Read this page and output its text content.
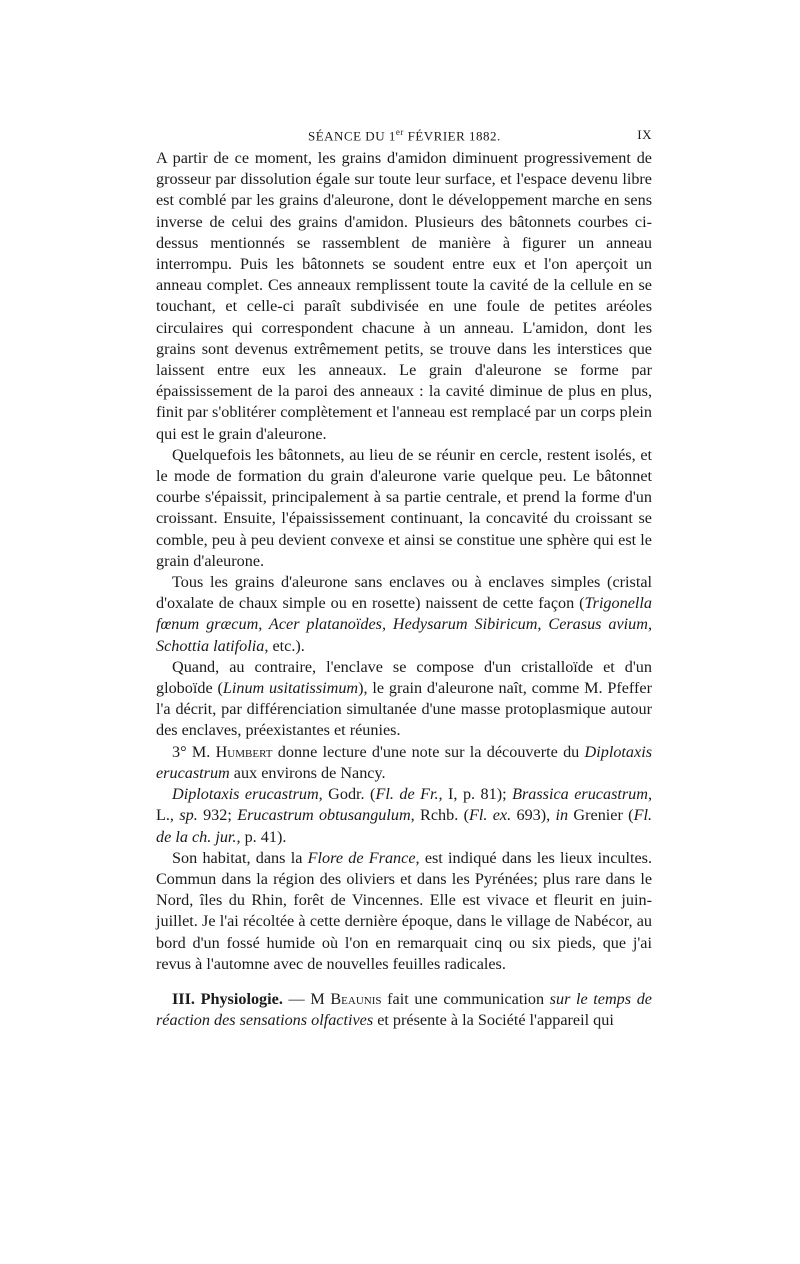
SÉANCE DU 1er FÉVRIER 1882.	IX

A partir de ce moment, les grains d'amidon diminuent progressivement de grosseur par dissolution égale sur toute leur surface, et l'espace devenu libre est comblé par les grains d'aleurone, dont le développement marche en sens inverse de celui des grains d'amidon. Plusieurs des bâtonnets courbes ci-dessus mentionnés se rassemblent de manière à figurer un anneau interrompu. Puis les bâtonnets se soudent entre eux et l'on aperçoit un anneau complet. Ces anneaux remplissent toute la cavité de la cellule en se touchant, et celle-ci paraît subdivisée en une foule de petites aréoles circulaires qui correspondent chacune à un anneau. L'amidon, dont les grains sont devenus extrêmement petits, se trouve dans les interstices que laissent entre eux les anneaux. Le grain d'aleurone se forme par épaississement de la paroi des anneaux : la cavité diminue de plus en plus, finit par s'oblitérer complètement et l'anneau est remplacé par un corps plein qui est le grain d'aleurone.

Quelquefois les bâtonnets, au lieu de se réunir en cercle, restent isolés, et le mode de formation du grain d'aleurone varie quelque peu. Le bâtonnet courbe s'épaissit, principalement à sa partie centrale, et prend la forme d'un croissant. Ensuite, l'épaississement continuant, la concavité du croissant se comble, peu à peu devient convexe et ainsi se constitue une sphère qui est le grain d'aleurone.

Tous les grains d'aleurone sans enclaves ou à enclaves simples (cristal d'oxalate de chaux simple ou en rosette) naissent de cette façon (Trigonella fœnum græcum, Acer platanoïdes, Hedysarum Sibiricum, Cerasus avium, Schottia latifolia, etc.).

Quand, au contraire, l'enclave se compose d'un cristalloïde et d'un globoïde (Linum usitatissimum), le grain d'aleurone naît, comme M. Pfeffer l'a décrit, par différenciation simultanée d'une masse protoplasmique autour des enclaves, préexistantes et réunies.

3° M. Humbert donne lecture d'une note sur la découverte du Diplotaxis erucastrum aux environs de Nancy.

Diplotaxis erucastrum, Godr. (Fl. de Fr., I, p. 81); Brassica erucastrum, L., sp. 932; Erucastrum obtusangulum, Rchb. (Fl. ex. 693), in Grenier (Fl. de la ch. jur., p. 41).

Son habitat, dans la Flore de France, est indiqué dans les lieux incultes. Commun dans la région des oliviers et dans les Pyrénées; plus rare dans le Nord, îles du Rhin, forêt de Vincennes. Elle est vivace et fleurit en juin-juillet. Je l'ai récoltée à cette dernière époque, dans le village de Nabécor, au bord d'un fossé humide où l'on en remarquait cinq ou six pieds, que j'ai revus à l'automne avec de nouvelles feuilles radicales.

III. Physiologie. — M Beaunis fait une communication sur le temps de réaction des sensations olfactives et présente à la Société l'appareil qui
